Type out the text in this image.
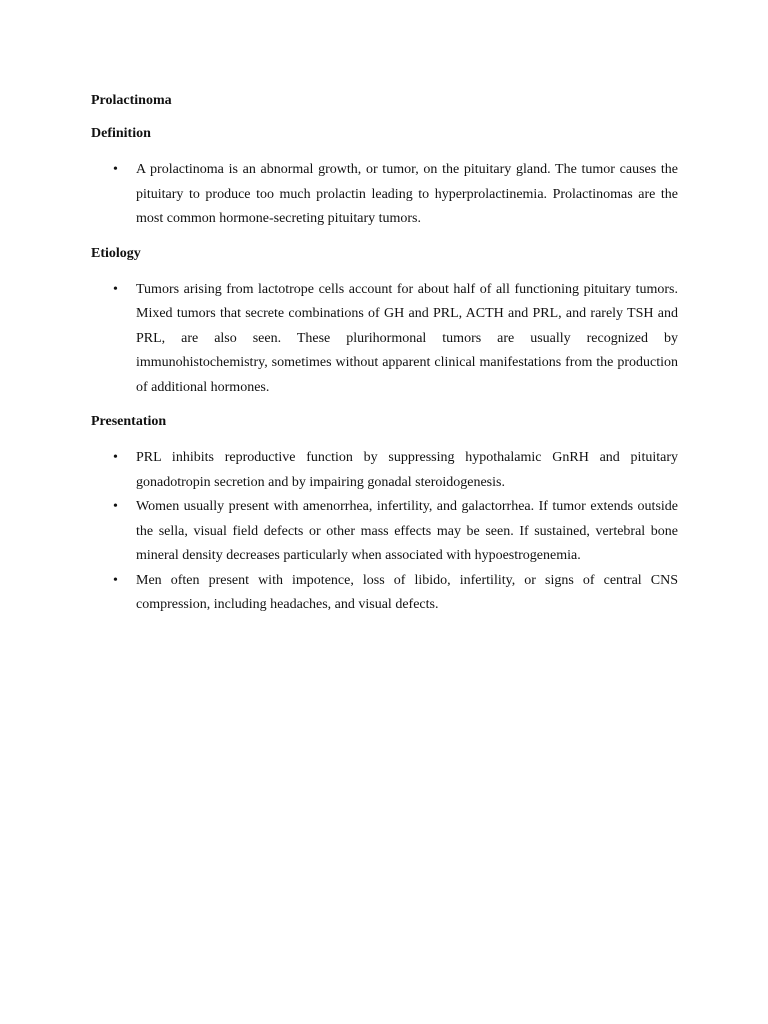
Prolactinoma

Definition

• A prolactinoma is an abnormal growth, or tumor, on the pituitary gland. The tumor causes the pituitary to produce too much prolactin leading to hyperprolactinemia. Prolactinomas are the most common hormone-secreting pituitary tumors.

Etiology

• Tumors arising from lactotrope cells account for about half of all functioning pituitary tumors. Mixed tumors that secrete combinations of GH and PRL, ACTH and PRL, and rarely TSH and PRL, are also seen. These plurihormonal tumors are usually recognized by immunohistochemistry, sometimes without apparent clinical manifestations from the production of additional hormones.

Presentation

• PRL inhibits reproductive function by suppressing hypothalamic GnRH and pituitary gonadotropin secretion and by impairing gonadal steroidogenesis.
• Women usually present with amenorrhea, infertility, and galactorrhea. If tumor extends outside the sella, visual field defects or other mass effects may be seen. If sustained, vertebral bone mineral density decreases particularly when associated with hypoestrogenemia.
• Men often present with impotence, loss of libido, infertility, or signs of central CNS compression, including headaches, and visual defects.
